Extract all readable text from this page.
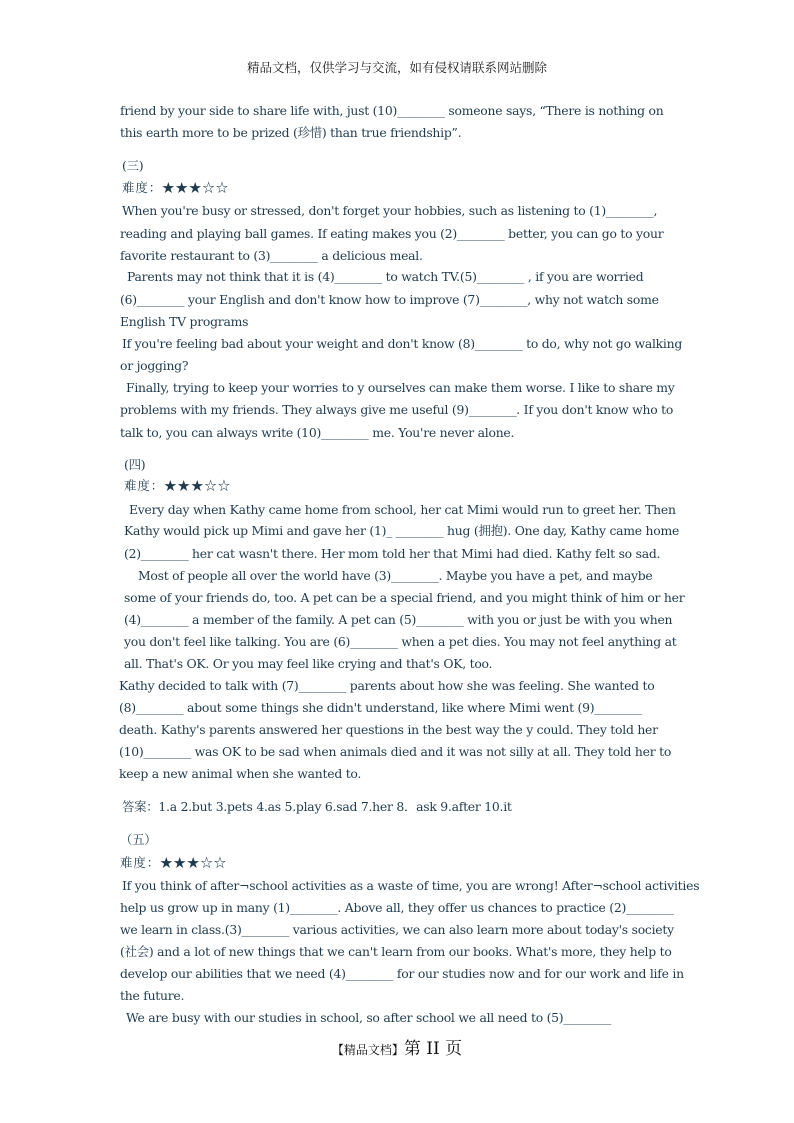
精品文档，仅供学习与交流，如有侵权请联系网站删除
friend by your side to share life with, just (10)________ someone says, “There is nothing on
this earth more to be prized (珍惜) than true friendship”.
(三)
难度：★★★☆☆
When you're busy or stressed, don't forget your hobbies, such as listening to (1)________,
reading and playing ball games. If eating makes you (2)________ better, you can go to your
favorite restaurant to (3)________ a delicious meal.
Parents may not think that it is (4)________ to watch TV.(5)________ , if you are worried
(6)________ your English and don't know how to improve (7)________, why not watch some
English TV programs
If you're feeling bad about your weight and don't know (8)________ to do, why not go walking
or jogging?
Finally, trying to keep your worries to y ourselves can make them worse. I like to share my
problems with my friends. They always give me useful (9)________. If you don't know who to
talk to, you can always write (10)________ me. You're never alone.
(四)
难度：★★★☆☆
Every day when Kathy came home from school, her cat Mimi would run to greet her. Then
Kathy would pick up Mimi and gave her (1)_ ________ hug (拥抱). One day, Kathy came home
(2)________ her cat wasn't there. Her mom told her that Mimi had died. Kathy felt so sad.
Most of people all over the world have (3)________. Maybe you have a pet, and maybe
some of your friends do, too. A pet can be a special friend, and you might think of him or her
(4)________ a member of the family. A pet can (5)________ with you or just be with you when
you don't feel like talking. You are (6)________ when a pet dies. You may not feel anything at
all. That's OK. Or you may feel like crying and that's OK, too.
Kathy decided to talk with (7)________ parents about how she was feeling. She wanted to
(8)________ about some things she didn't understand, like where Mimi went (9)________
death. Kathy's parents answered her questions in the best way the y could. They told her
(10)________ was OK to be sad when animals died and it was not silly at all. They told her to
keep a new animal when she wanted to.
答案：1.a 2.but 3.pets 4.as 5.play 6.sad 7.her 8．ask 9.after 10.it
（五）
难度：★★★☆☆
If you think of after¬school activities as a waste of time, you are wrong! After¬school activities
help us grow up in many (1)________. Above all, they offer us chances to practice (2)________
we learn in class.(3)________ various activities, we can also learn more about today's society
(社会) and a lot of new things that we can't learn from our books. What's more, they help to
develop our abilities that we need (4)________ for our studies now and for our work and life in
the future.
We are busy with our studies in school, so after school we all need to (5)________
【精品文档】第 II 页
